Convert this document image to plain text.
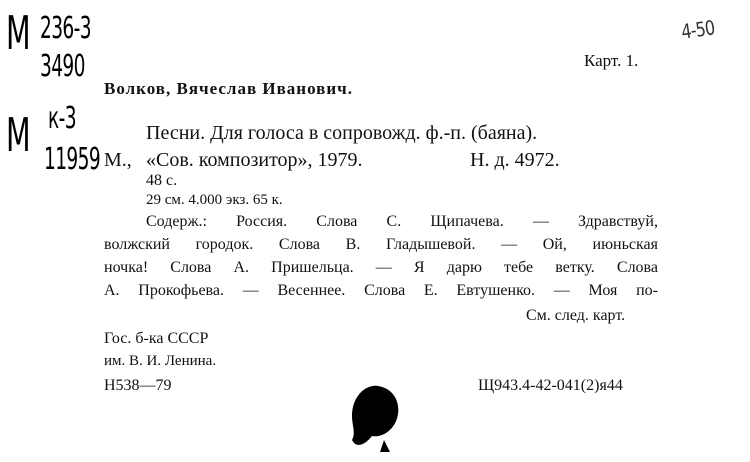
М 236-3
3490
М к-3
11959
4-50
Карт. 1.
Волков, Вячеслав Иванович.
Песни. Для голоса в сопровожд. ф.-п. (баяна).
М., «Сов. композитор», 1979.	Н. д. 4972.
48 с.
29 см. 4.000 экз. 65 к.
Содерж.: Россия. Слова С. Щипачева. — Здравствуй,
волжский городок. Слова В. Гладышевой. — Ой, июньская
ночка! Слова А. Пришельца. — Я дарю тебе ветку. Слова
А. Прокофьева. — Весеннее. Слова Е. Евтушенко. — Моя по-
См. след. карт.
Гос. б-ка СССР
им. В. И. Ленина.
Н538—79	Щ943.4-42-041(2)я44
